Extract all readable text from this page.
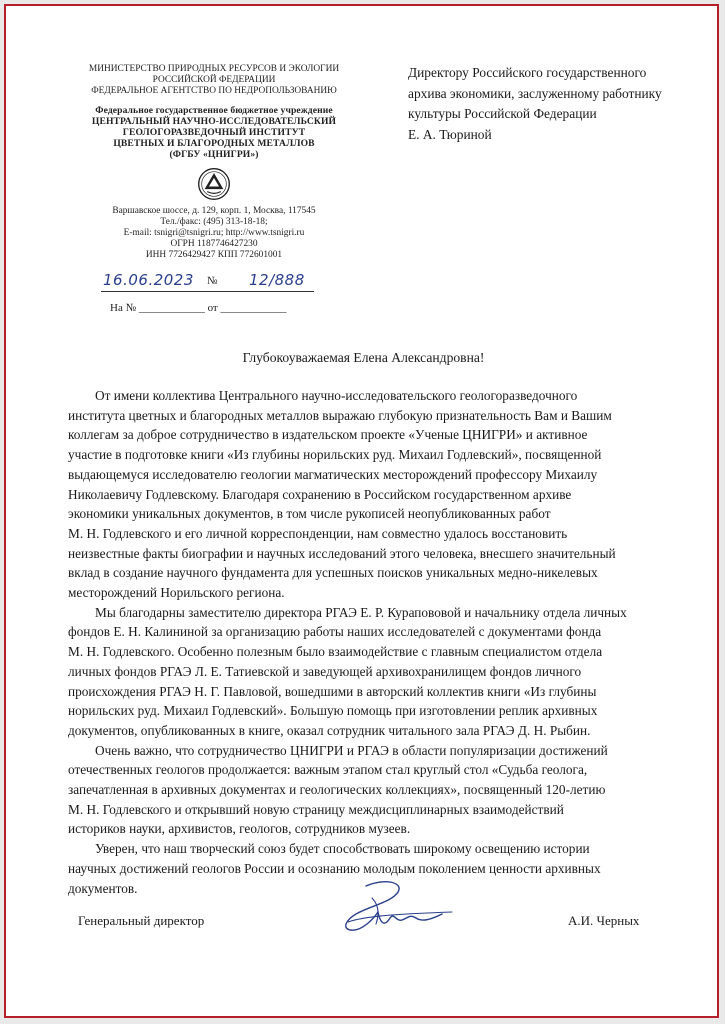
МИНИСТЕРСТВО ПРИРОДНЫХ РЕСУРСОВ И ЭКОЛОГИИ
РОССИЙСКОЙ ФЕДЕРАЦИИ
ФЕДЕРАЛЬНОЕ АГЕНТСТВО ПО НЕДРОПОЛЬЗОВАНИЮ
Федеральное государственное бюджетное учреждение
ЦЕНТРАЛЬНЫЙ НАУЧНО-ИССЛЕДОВАТЕЛЬСКИЙ
ГЕОЛОГОРАЗВЕДОЧНЫЙ ИНСТИТУТ
ЦВЕТНЫХ И БЛАГОРОДНЫХ МЕТАЛЛОВ
(ФГБУ «ЦНИГРИ»)
Варшавское шоссе, д. 129, корп. 1, Москва, 117545
Тел./факс: (495) 313-18-18;
E-mail: tsnigri@tsnigri.ru; http://www.tsnigri.ru
ОГРН 1187746427230
ИНН 7726429427 КПП 772601001
16.06.2023 № 12/888
На № ____________ от ____________
Директору Российского государственного
архива экономики, заслуженному работнику
культуры Российской Федерации
Е. А. Тюриной
Глубокоуважаемая Елена Александровна!

От имени коллектива Центрального научно-исследовательского геологоразведочного
института цветных и благородных металлов выражаю глубокую признательность Вам и Вашим
коллегам за доброе сотрудничество в издательском проекте «Ученые ЦНИГРИ» и активное
участие в подготовке книги «Из глубины норильских руд. Михаил Годлевский», посвященной
выдающемуся исследователю геологии магматических месторождений профессору Михаилу
Николаевичу Годлевскому. Благодаря сохранению в Российском государственном архиве
экономики уникальных документов, в том числе рукописей неопубликованных работ
М. Н. Годлевского и его личной корреспонденции, нам совместно удалось восстановить
неизвестные факты биографии и научных исследований этого человека, внесшего значительный
вклад в создание научного фундамента для успешных поисков уникальных медно-никелевых
месторождений Норильского региона.

Мы благодарны заместителю директора РГАЭ Е. Р. Курапововой и начальнику отдела личных
фондов Е. Н. Калининой за организацию работы наших исследователей с документами фонда
М. Н. Годлевского. Особенно полезным было взаимодействие с главным специалистом отдела
личных фондов РГАЭ Л. Е. Татиевской и заведующей архивохранилищем фондов личного
происхождения РГАЭ Н. Г. Павловой, вошедшими в авторский коллектив книги «Из глубины
норильских руд. Михаил Годлевский». Большую помощь при изготовлении реплик архивных
документов, опубликованных в книге, оказал сотрудник читального зала РГАЭ Д. Н. Рыбин.

Очень важно, что сотрудничество ЦНИГРИ и РГАЭ в области популяризации достижений
отечественных геологов продолжается: важным этапом стал круглый стол «Судьба геолога,
запечатленная в архивных документах и геологических коллекциях», посвященный 120-летию
М. Н. Годлевского и открывший новую страницу междисциплинарных взаимодействий
историков науки, архивистов, геологов, сотрудников музеев.

Уверен, что наш творческий союз будет способствовать широкому освещению истории
научных достижений геологов России и осознанию молодым поколением ценности архивных
документов.

Генеральный директор	А.И. Черных
